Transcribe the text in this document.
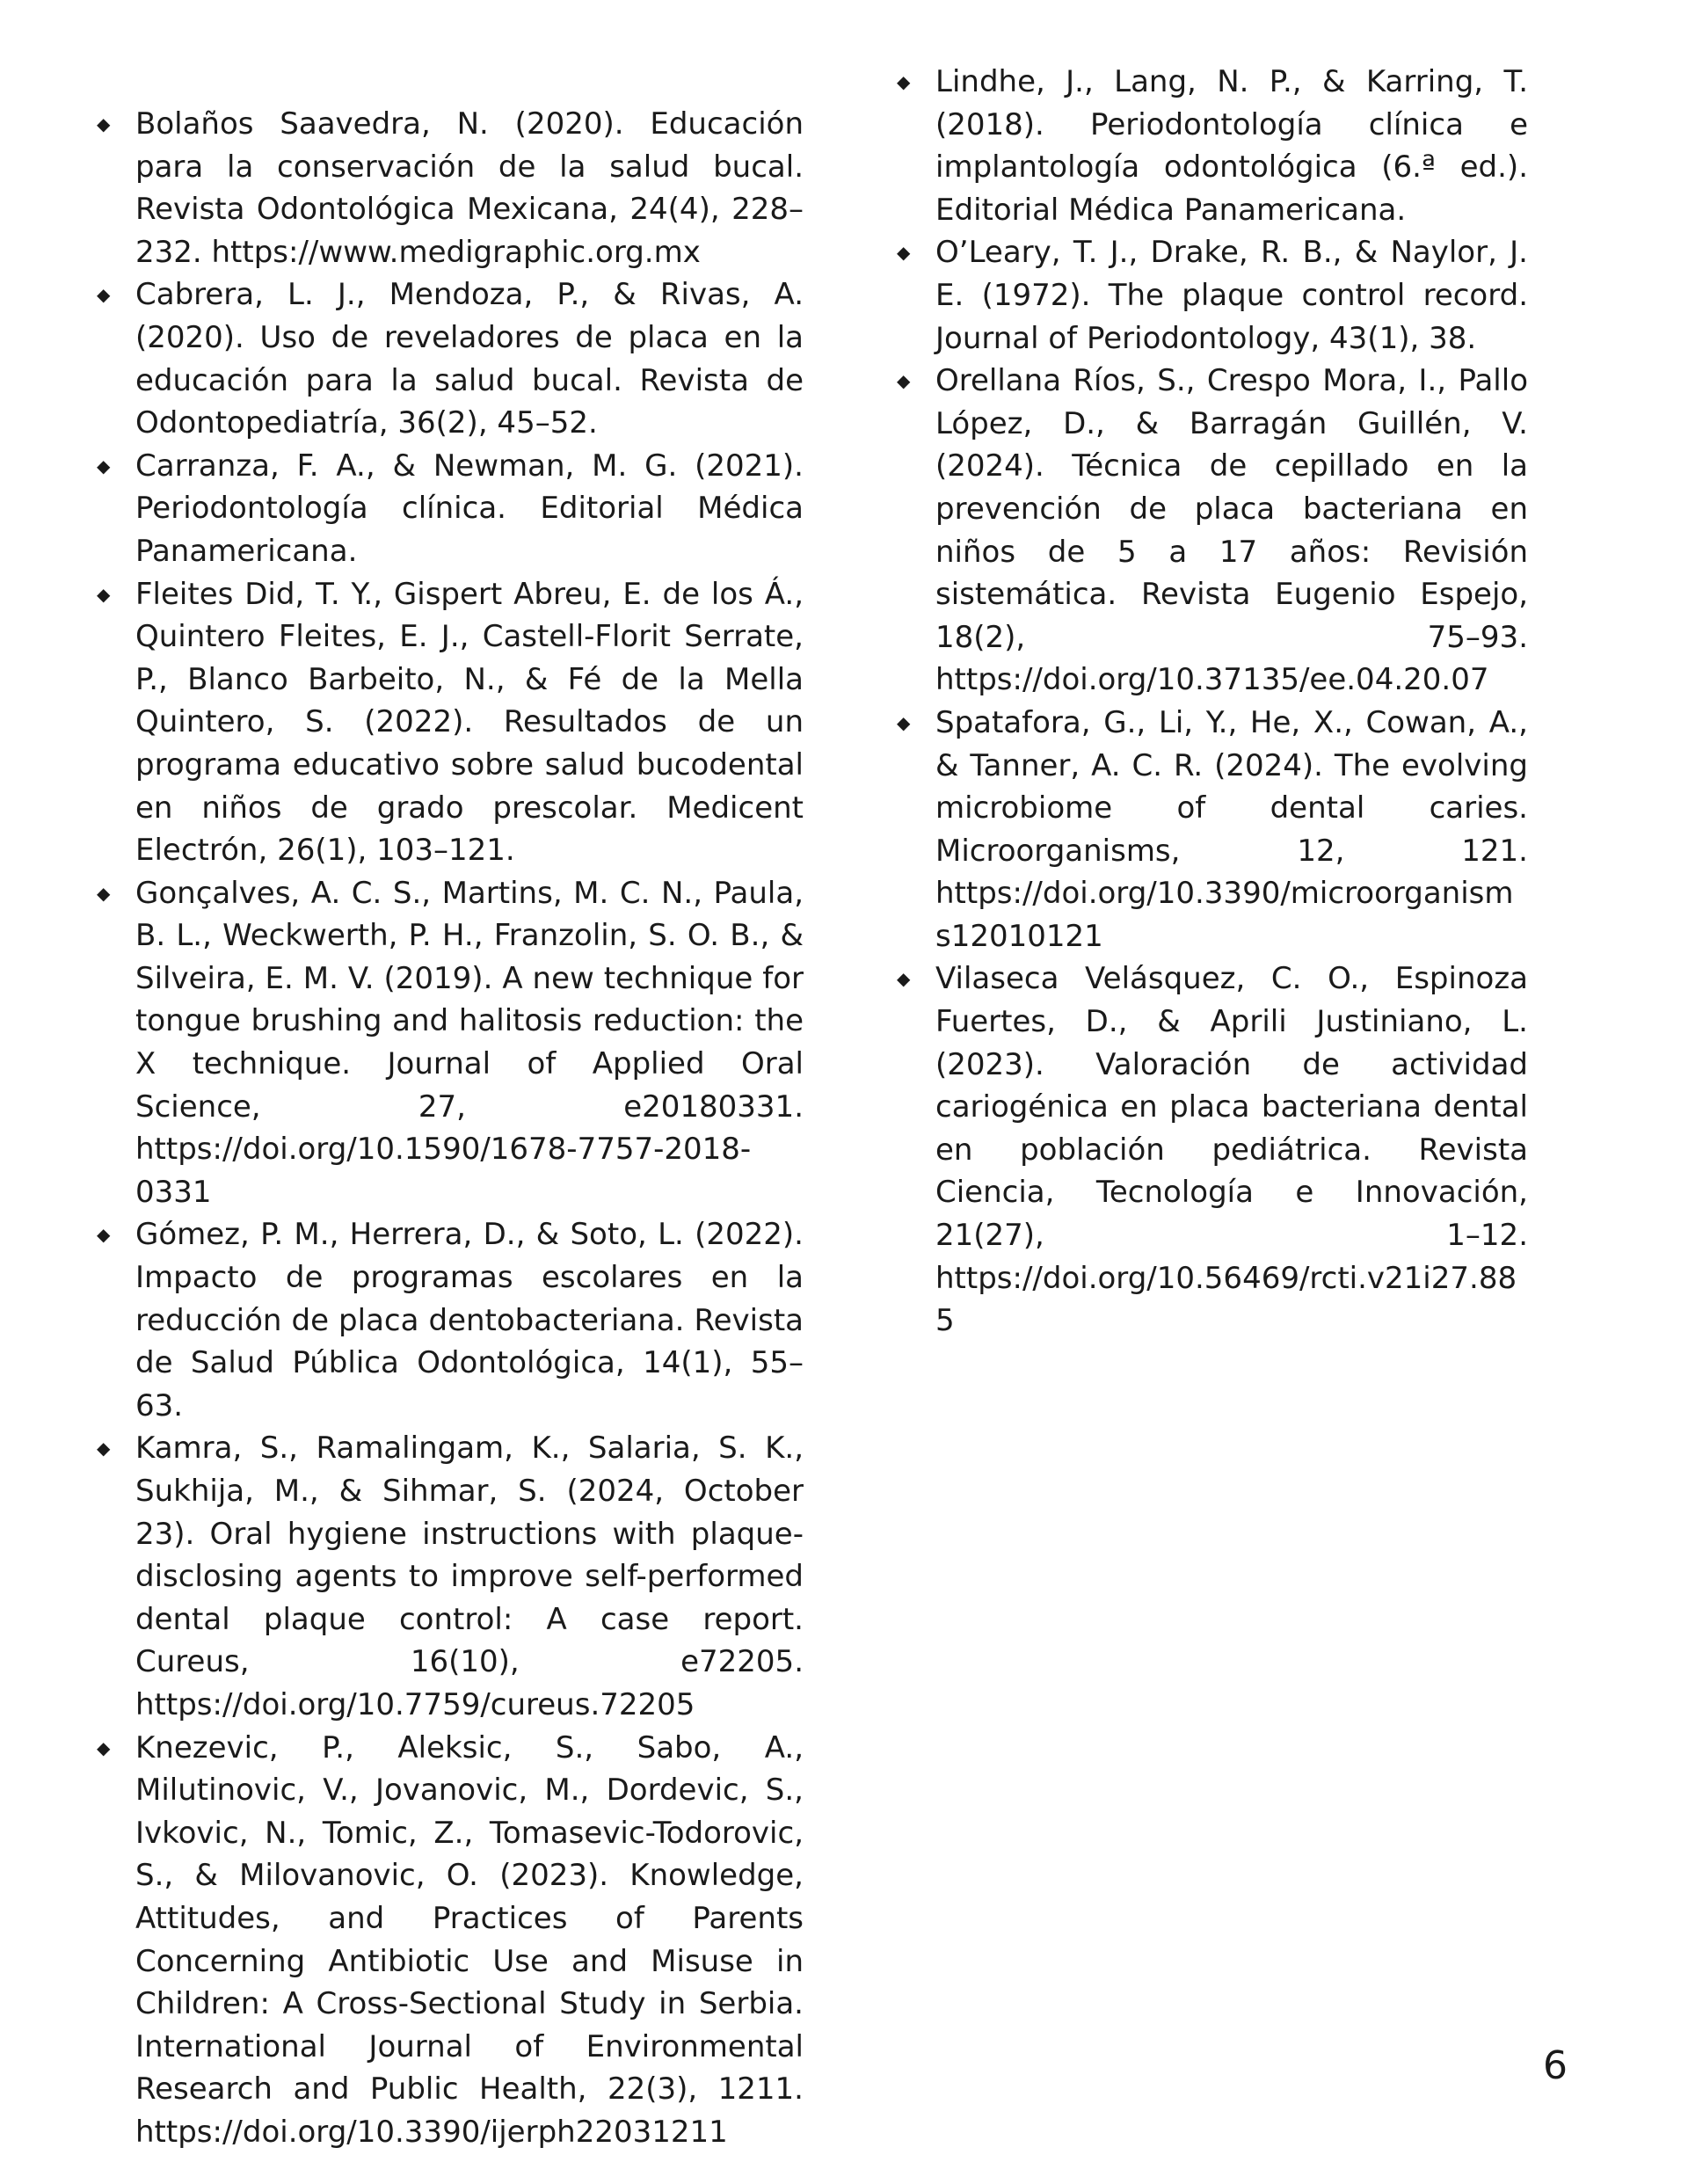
◆ Bolaños Saavedra, N. (2020). Educación para la conservación de la salud bucal. Revista Odontológica Mexicana, 24(4), 228–232. https://www.medigraphic.org.mx
◆ Cabrera, L. J., Mendoza, P., & Rivas, A. (2020). Uso de reveladores de placa en la educación para la salud bucal. Revista de Odontopediatría, 36(2), 45–52.
◆ Carranza, F. A., & Newman, M. G. (2021). Periodontología clínica. Editorial Médica Panamericana.
◆ Fleites Did, T. Y., Gispert Abreu, E. de los Á., Quintero Fleites, E. J., Castell-Florit Serrate, P., Blanco Barbeito, N., & Fé de la Mella Quintero, S. (2022). Resultados de un programa educativo sobre salud bucodental en niños de grado prescolar. Medicent Electrón, 26(1), 103–121.
◆ Gonçalves, A. C. S., Martins, M. C. N., Paula, B. L., Weckwerth, P. H., Franzolin, S. O. B., & Silveira, E. M. V. (2019). A new technique for tongue brushing and halitosis reduction: the X technique. Journal of Applied Oral Science, 27, e20180331. https://doi.org/10.1590/1678-7757-2018-0331
◆ Gómez, P. M., Herrera, D., & Soto, L. (2022). Impacto de programas escolares en la reducción de placa dentobacteriana. Revista de Salud Pública Odontológica, 14(1), 55–63.
◆ Kamra, S., Ramalingam, K., Salaria, S. K., Sukhija, M., & Sihmar, S. (2024, October 23). Oral hygiene instructions with plaque-disclosing agents to improve self-performed dental plaque control: A case report. Cureus, 16(10), e72205. https://doi.org/10.7759/cureus.72205
◆ Knezevic, P., Aleksic, S., Sabo, A., Milutinovic, V., Jovanovic, M., Dordevic, S., Ivkovic, N., Tomic, Z., Tomasevic-Todorovic, S., & Milovanovic, O. (2023). Knowledge, Attitudes, and Practices of Parents Concerning Antibiotic Use and Misuse in Children: A Cross-Sectional Study in Serbia. International Journal of Environmental Research and Public Health, 22(3), 1211. https://doi.org/10.3390/ijerph22031211
◆ Lindhe, J., Lang, N. P., & Karring, T. (2018). Periodontología clínica e implantología odontológica (6.ª ed.). Editorial Médica Panamericana.
◆ O’Leary, T. J., Drake, R. B., & Naylor, J. E. (1972). The plaque control record. Journal of Periodontology, 43(1), 38.
◆ Orellana Ríos, S., Crespo Mora, I., Pallo López, D., & Barragán Guillén, V. (2024). Técnica de cepillado en la prevención de placa bacteriana en niños de 5 a 17 años: Revisión sistemática. Revista Eugenio Espejo, 18(2), 75–93. https://doi.org/10.37135/ee.04.20.07
◆ Spatafora, G., Li, Y., He, X., Cowan, A., & Tanner, A. C. R. (2024). The evolving microbiome of dental caries. Microorganisms, 12, 121. https://doi.org/10.3390/microorganisms12010121
◆ Vilaseca Velásquez, C. O., Espinoza Fuertes, D., & Aprili Justiniano, L. (2023). Valoración de actividad cariogénica en placa bacteriana dental en población pediátrica. Revista Ciencia, Tecnología e Innovación, 21(27), 1–12. https://doi.org/10.56469/rcti.v21i27.885
6
